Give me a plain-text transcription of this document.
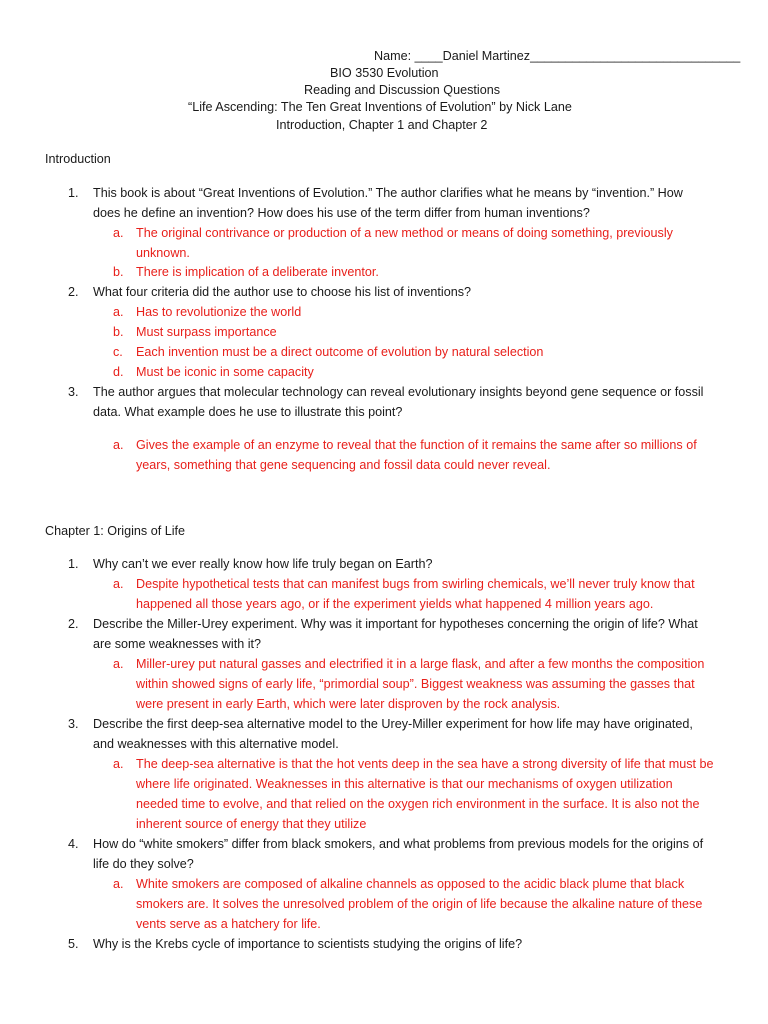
Name: ____Daniel Martinez______________________________
BIO 3530 Evolution
Reading and Discussion Questions
“Life Ascending: The Ten Great Inventions of Evolution” by Nick Lane
Introduction, Chapter 1 and Chapter 2
Introduction
1. This book is about “Great Inventions of Evolution.” The author clarifies what he means by “invention.” How
does he define an invention? How does his use of the term differ from human inventions?
a. The original contrivance or production of a new method or means of doing something, previously
unknown.
b. There is implication of a deliberate inventor.
2. What four criteria did the author use to choose his list of inventions?
a. Has to revolutionize the world
b. Must surpass importance
c. Each invention must be a direct outcome of evolution by natural selection
d. Must be iconic in some capacity
3. The author argues that molecular technology can reveal evolutionary insights beyond gene sequence or fossil
data. What example does he use to illustrate this point?
a. Gives the example of an enzyme to reveal that the function of it remains the same after so millions of
years, something that gene sequencing and fossil data could never reveal.
Chapter 1: Origins of Life
1. Why can’t we ever really know how life truly began on Earth?
a. Despite hypothetical tests that can manifest bugs from swirling chemicals, we’ll never truly know that
happened all those years ago, or if the experiment yields what happened 4 million years ago.
2. Describe the Miller-Urey experiment. Why was it important for hypotheses concerning the origin of life? What
are some weaknesses with it?
a. Miller-urey put natural gasses and electrified it in a large flask, and after a few months the composition
within showed signs of early life, “primordial soup”. Biggest weakness was assuming the gasses that
were present in early Earth, which were later disproven by the rock analysis.
3. Describe the first deep-sea alternative model to the Urey-Miller experiment for how life may have originated,
and weaknesses with this alternative model.
a. The deep-sea alternative is that the hot vents deep in the sea have a strong diversity of life that must be
where life originated. Weaknesses in this alternative is that our mechanisms of oxygen utilization
needed time to evolve, and that relied on the oxygen rich environment in the surface. It is also not the
inherent source of energy that they utilize
4. How do “white smokers” differ from black smokers, and what problems from previous models for the origins of
life do they solve?
a. White smokers are composed of alkaline channels as opposed to the acidic black plume that black
smokers are. It solves the unresolved problem of the origin of life because the alkaline nature of these
vents serve as a hatchery for life.
5. Why is the Krebs cycle of importance to scientists studying the origins of life?
